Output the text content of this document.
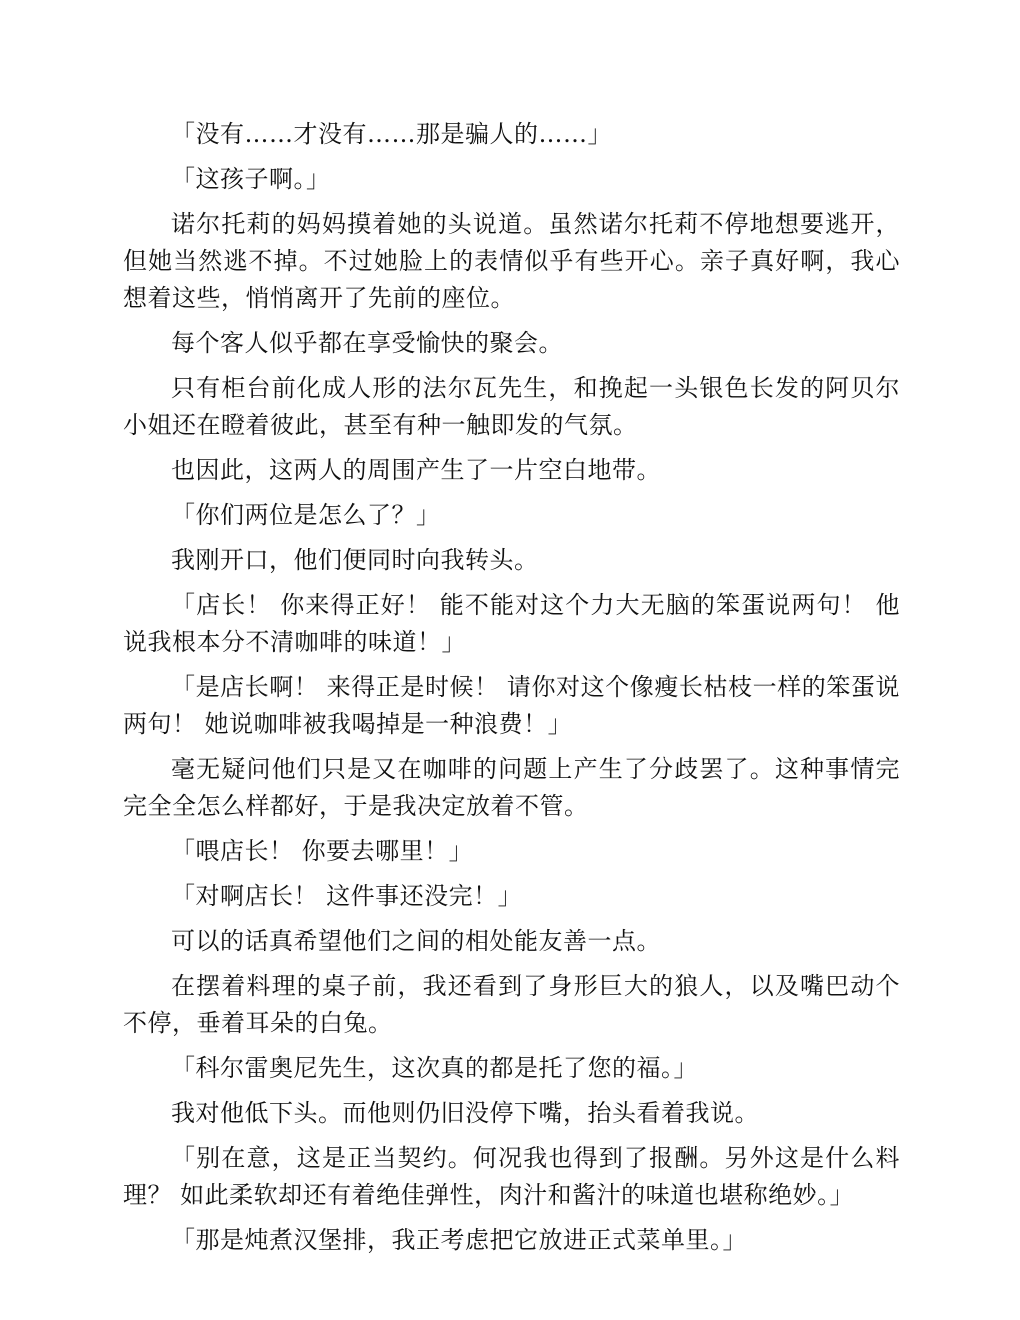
「没有……才没有……那是骗人的……」

「这孩子啊。」

诺尔托莉的妈妈摸着她的头说道。虽然诺尔托莉不停地想要逃开，但她当然逃不掉。不过她脸上的表情似乎有些开心。亲子真好啊，我心想着这些，悄悄离开了先前的座位。

每个客人似乎都在享受愉快的聚会。

只有柜台前化成人形的法尔瓦先生，和挽起一头银色长发的阿贝尔小姐还在瞪着彼此，甚至有种一触即发的气氛。

也因此，这两人的周围产生了一片空白地带。

「你们两位是怎么了？」

我刚开口，他们便同时向我转头。

「店长！ 你来得正好！ 能不能对这个力大无脑的笨蛋说两句！ 他说我根本分不清咖啡的味道！」

「是店长啊！ 来得正是时候！ 请你对这个像瘦长枯枝一样的笨蛋说两句！ 她说咖啡被我喝掉是一种浪费！」

毫无疑问他们只是又在咖啡的问题上产生了分歧罢了。这种事情完完全全怎么样都好，于是我决定放着不管。

「喂店长！ 你要去哪里！」

「对啊店长！ 这件事还没完！」

可以的话真希望他们之间的相处能友善一点。

在摆着料理的桌子前，我还看到了身形巨大的狼人，以及嘴巴动个不停，垂着耳朵的白兔。

「科尔雷奥尼先生，这次真的都是托了您的福。」

我对他低下头。而他则仍旧没停下嘴，抬头看着我说。

「别在意，这是正当契约。何况我也得到了报酬。另外这是什么料理？ 如此柔软却还有着绝佳弹性，肉汁和酱汁的味道也堪称绝妙。」

「那是炖煮汉堡排，我正考虑把它放进正式菜单里。」
